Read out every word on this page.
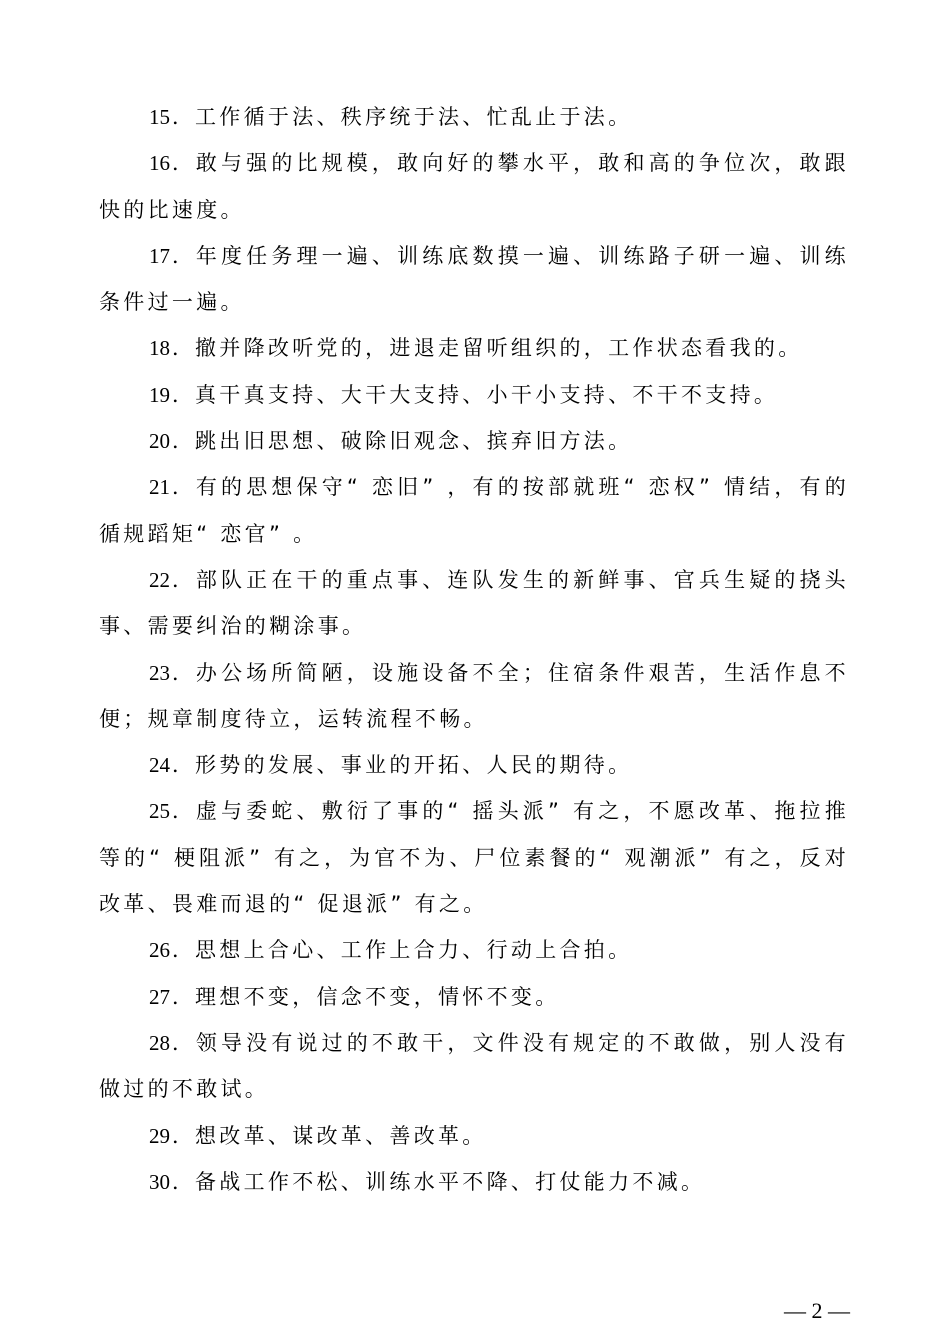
15．工作循于法、秩序统于法、忙乱止于法。

16．敢与强的比规模，敢向好的攀水平，敢和高的争位次，敢跟快的比速度。

17．年度任务理一遍、训练底数摸一遍、训练路子研一遍、训练条件过一遍。

18．撤并降改听党的，进退走留听组织的，工作状态看我的。

19．真干真支持、大干大支持、小干小支持、不干不支持。

20．跳出旧思想、破除旧观念、摈弃旧方法。

21．有的思想保守“ 恋旧” ，有的按部就班“ 恋权” 情结，有的循规蹈矩“ 恋官” 。

22．部队正在干的重点事、连队发生的新鲜事、官兵生疑的挠头事、需要纠治的糊涂事。

23．办公场所简陋，设施设备不全；住宿条件艰苦，生活作息不便；规章制度待立，运转流程不畅。

24．形势的发展、事业的开拓、人民的期待。

25．虚与委蛇、敷衍了事的“ 摇头派” 有之，不愿改革、拖拉推等的“ 梗阻派” 有之，为官不为、尸位素餐的“ 观潮派” 有之，反对改革、畏难而退的“ 促退派” 有之。

26．思想上合心、工作上合力、行动上合拍。

27．理想不变，信念不变，情怀不变。

28．领导没有说过的不敢干，文件没有规定的不敢做，别人没有做过的不敢试。

29．想改革、谋改革、善改革。

30．备战工作不松、训练水平不降、打仗能力不减。

— 2 —
